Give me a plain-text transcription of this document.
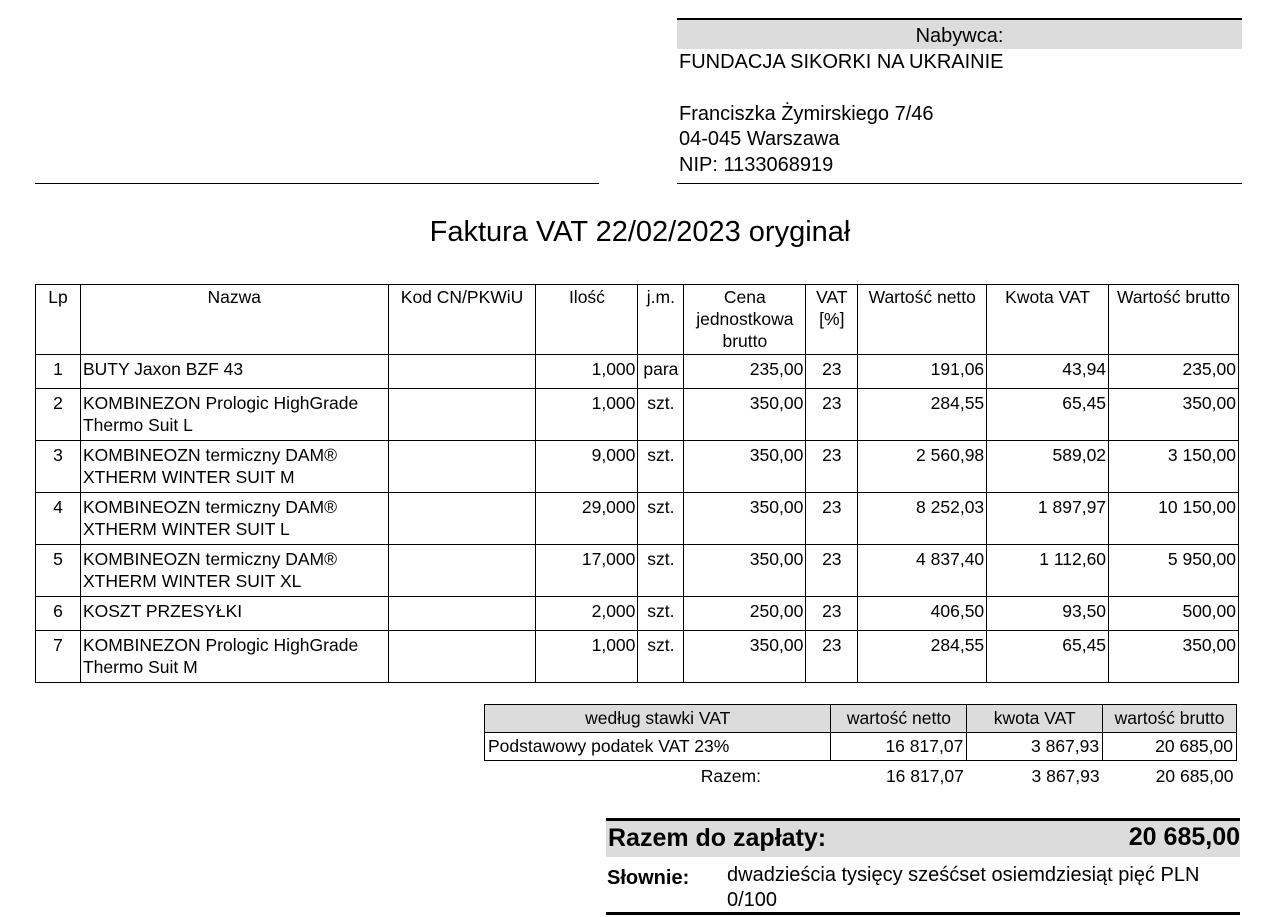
Nabywca:
FUNDACJA SIKORKI NA UKRAINIE
Franciszka Żymirskiego 7/46
04-045 Warszawa
NIP: 1133068919
Faktura VAT 22/02/2023 oryginał
Lp	Nazwa	Kod CN/PKWiU	Ilość	j.m.	Cena jednostkowa brutto	VAT [%]	Wartość netto	Kwota VAT	Wartość brutto
1	BUTY Jaxon BZF 43		1,000	para	235,00	23	191,06	43,94	235,00
2	KOMBINEZON Prologic HighGrade Thermo Suit L		1,000	szt.	350,00	23	284,55	65,45	350,00
3	KOMBINEOZN termiczny DAM® XTHERM WINTER SUIT M		9,000	szt.	350,00	23	2 560,98	589,02	3 150,00
4	KOMBINEOZN termiczny DAM® XTHERM WINTER SUIT L		29,000	szt.	350,00	23	8 252,03	1 897,97	10 150,00
5	KOMBINEOZN termiczny DAM® XTHERM WINTER SUIT XL		17,000	szt.	350,00	23	4 837,40	1 112,60	5 950,00
6	KOSZT PRZESYŁKI		2,000	szt.	250,00	23	406,50	93,50	500,00
7	KOMBINEZON Prologic HighGrade Thermo Suit M		1,000	szt.	350,00	23	284,55	65,45	350,00
według stawki VAT	wartość netto	kwota VAT	wartość brutto
Podstawowy podatek VAT 23%	16 817,07	3 867,93	20 685,00
Razem:	16 817,07	3 867,93	20 685,00
Razem do zapłaty:	20 685,00
Słownie: dwadzieścia tysięcy sześćset osiemdziesiąt pięć PLN 0/100
